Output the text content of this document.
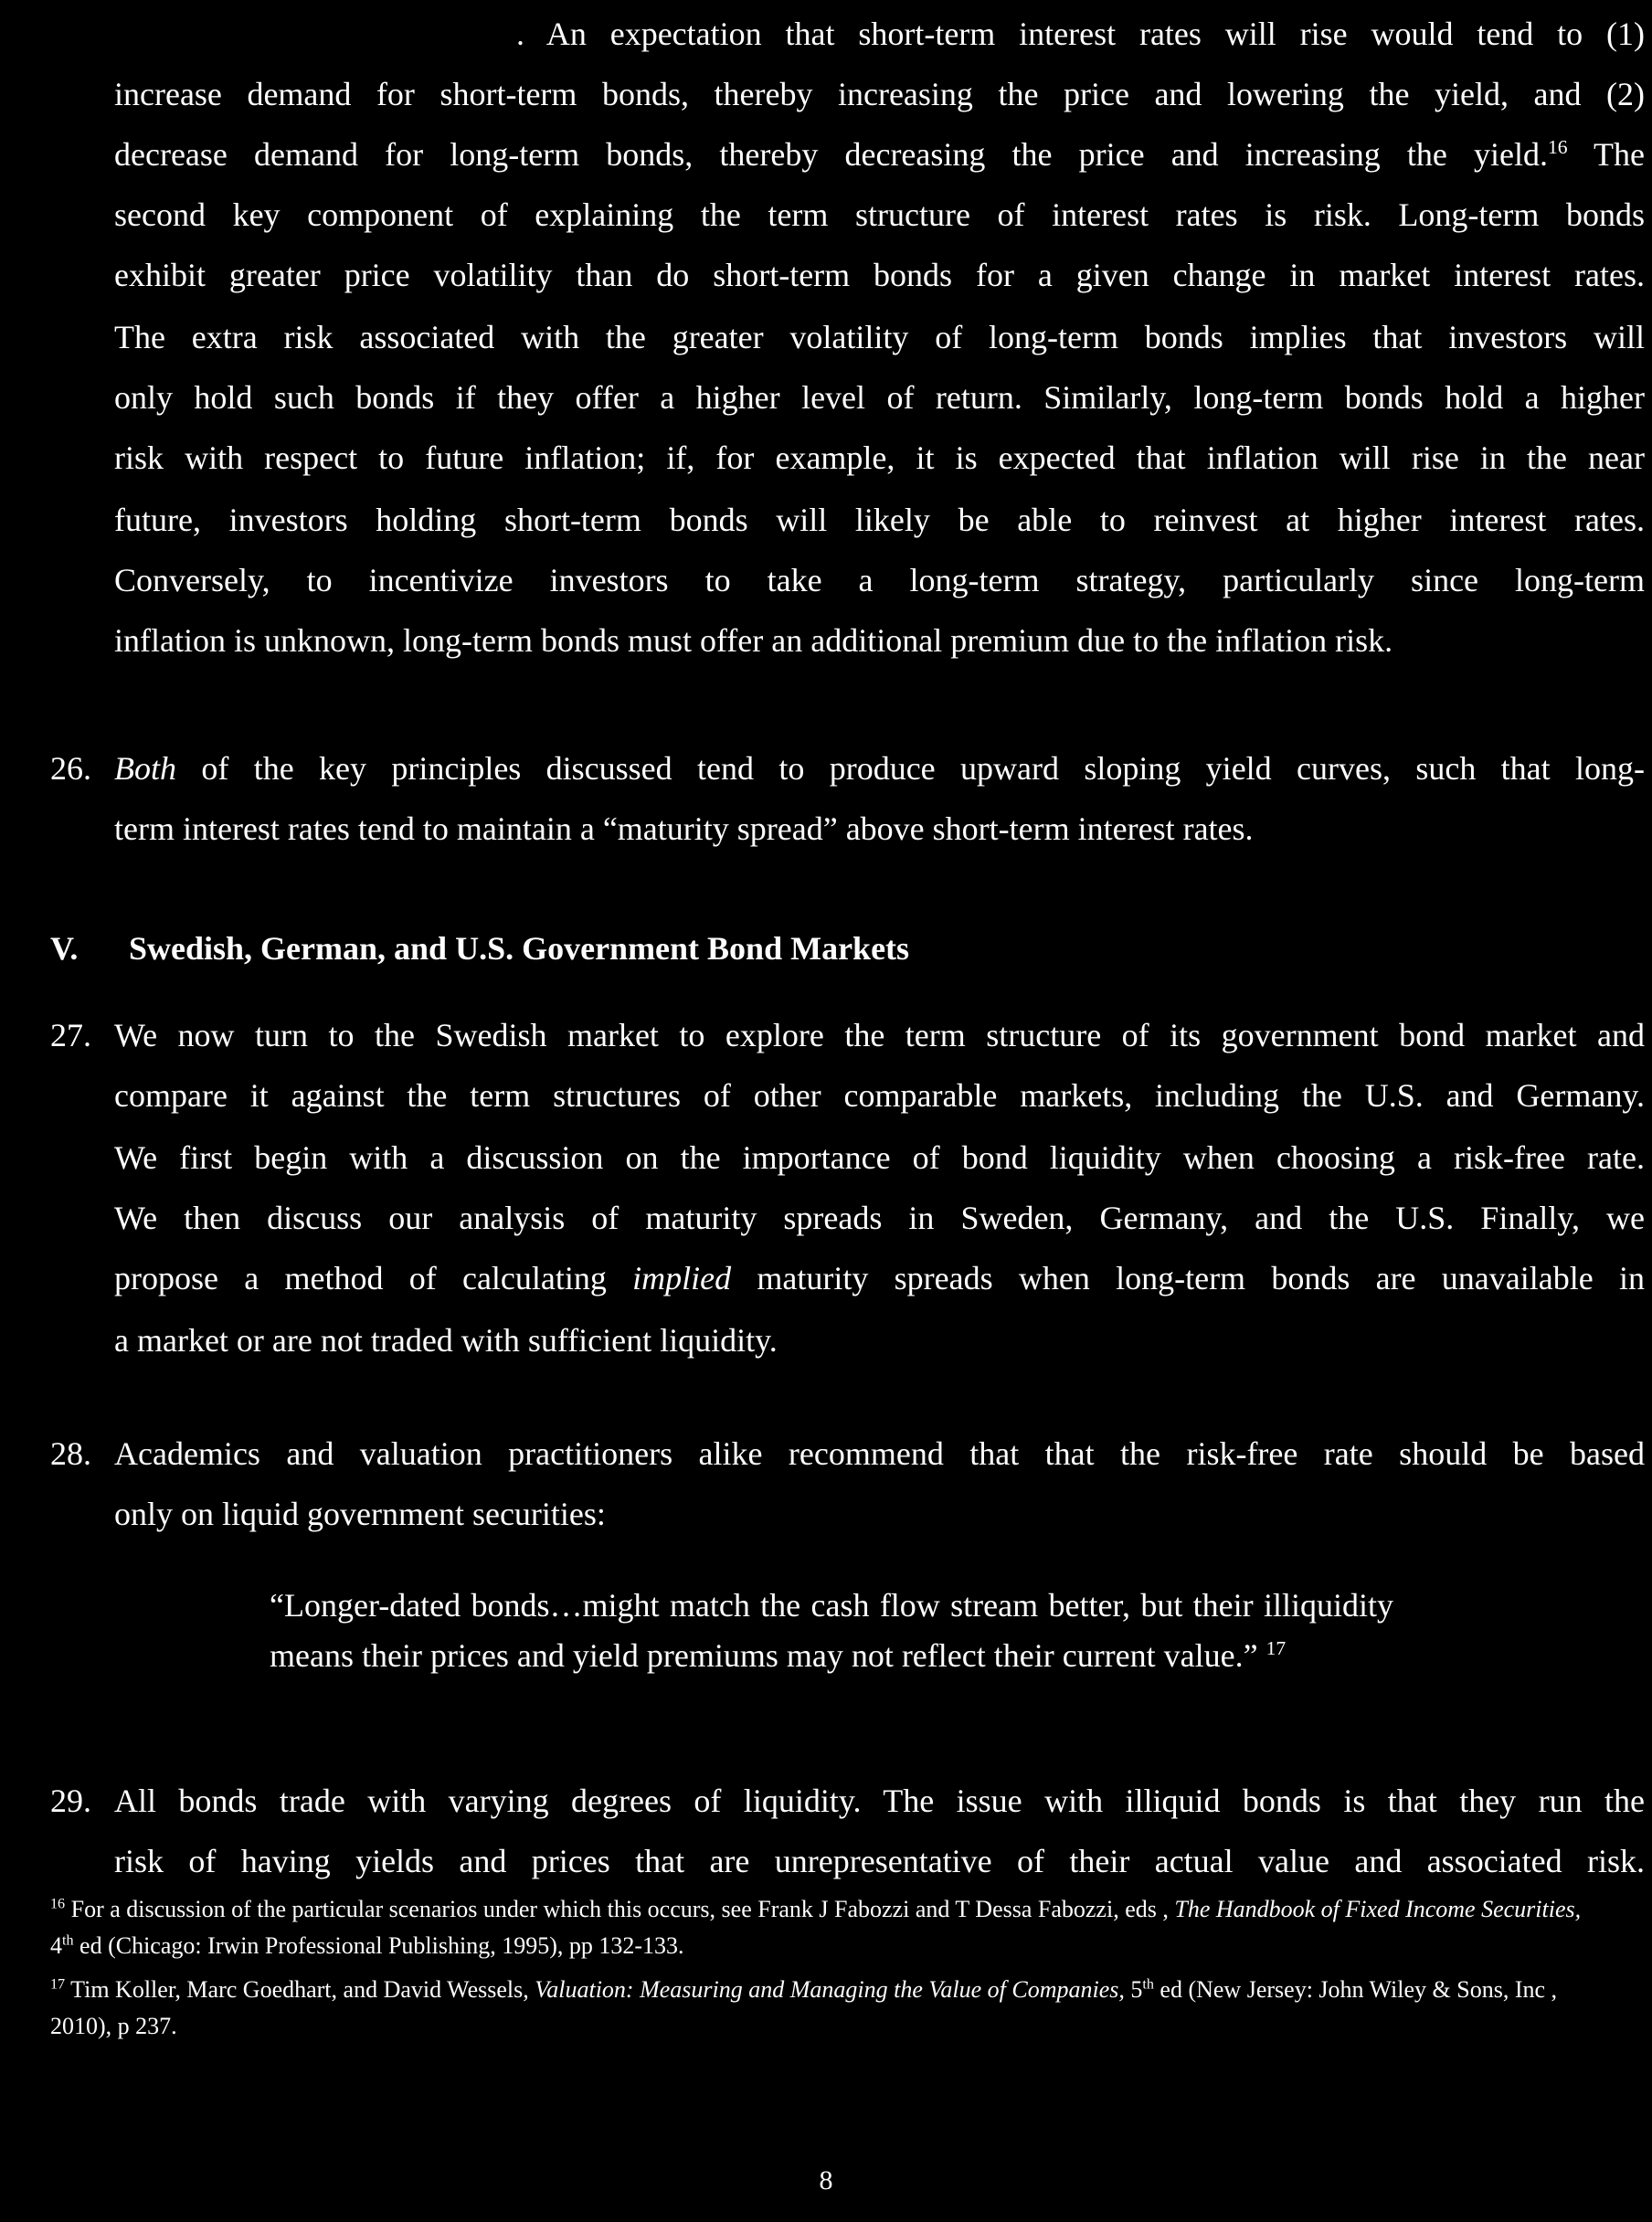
. An expectation that short-term interest rates will rise would tend to (1)

increase demand for short-term bonds, thereby increasing the price and lowering the yield, and (2)

decrease demand for long-term bonds, thereby decreasing the price and increasing the yield.$^{16}$ The

second key component of explaining the term structure of interest rates is risk. Long-term bonds

exhibit greater price volatility than do short-term bonds for a given change in market interest rates.

The extra risk associated with the greater volatility of long-term bonds implies that investors will

only hold such bonds if they offer a higher level of return. Similarly, long-term bonds hold a higher

risk with respect to future inflation; if, for example, it is expected that inflation will rise in the near

future, investors holding short-term bonds will likely be able to reinvest at higher interest rates.

Conversely, to incentivize investors to take a long-term strategy, particularly since long-term

inflation is unknown, long-term bonds must offer an additional premium due to the inflation risk.

26. Both of the key principles discussed tend to produce upward sloping yield curves, such that long-

term interest rates tend to maintain a “maturity spread” above short-term interest rates.

V. Swedish, German, and U.S. Government Bond Markets
27. We now turn to the Swedish market to explore the term structure of its government bond market and

compare it against the term structures of other comparable markets, including the U.S. and Germany.

We first begin with a discussion on the importance of bond liquidity when choosing a risk-free rate.

We then discuss our analysis of maturity spreads in Sweden, Germany, and the U.S. Finally, we

propose a method of calculating implied maturity spreads when long-term bonds are unavailable in

a market or are not traded with sufficient liquidity.

28. Academics and valuation practitioners alike recommend that that the risk-free rate should be based

only on liquid government securities:

“Longer-dated bonds…might match the cash flow stream better, but their illiquidity means their prices and yield premiums may not reflect their current value.” $^{17}$

29. All bonds trade with varying degrees of liquidity. The issue with illiquid bonds is that they run the

risk of having yields and prices that are unrepresentative of their actual value and associated risk.

$^{16}$ For a discussion of the particular scenarios under which this occurs, see Frank J Fabozzi and T Dessa Fabozzi, eds , The Handbook of Fixed Income Securities, 4th ed (Chicago: Irwin Professional Publishing, 1995), pp 132-133.

$^{17}$ Tim Koller, Marc Goedhart, and David Wessels, Valuation: Measuring and Managing the Value of Companies, 5th ed (New Jersey: John Wiley & Sons, Inc , 2010), p 237.

8
